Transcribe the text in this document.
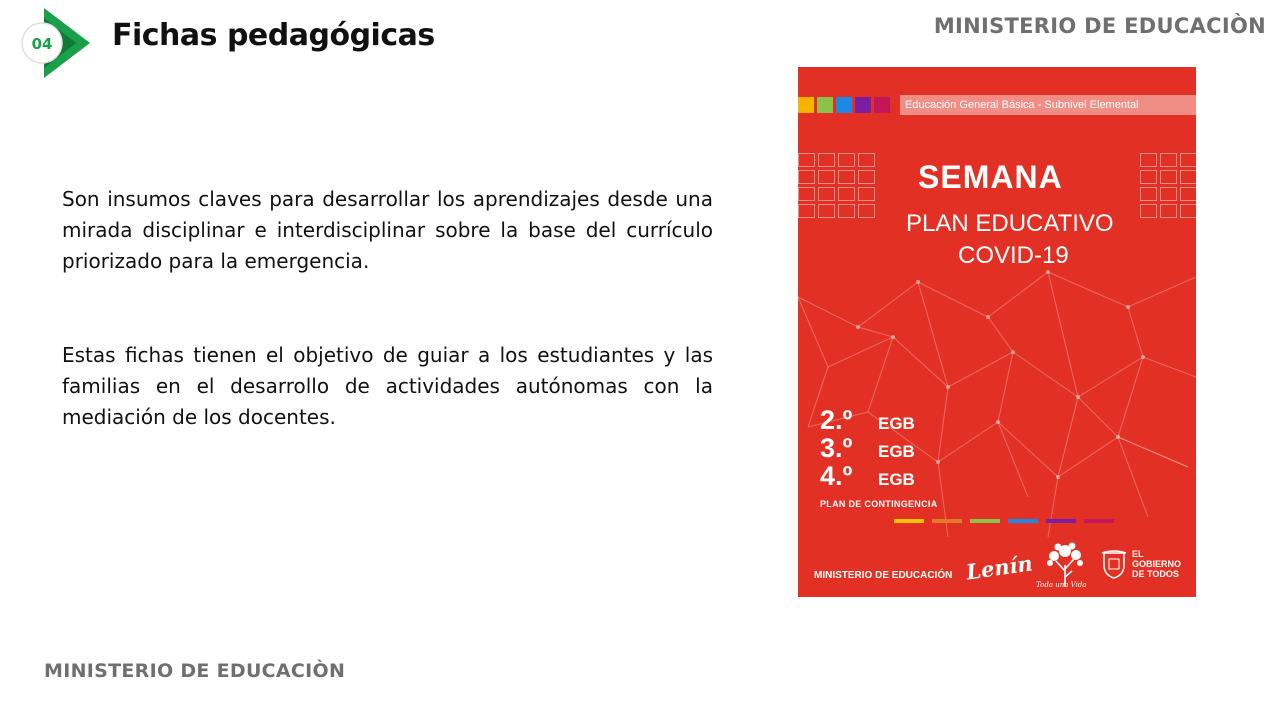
04 Fichas pedagógicas	MINISTERIO DE EDUCACIÒN

Son insumos claves para desarrollar los aprendizajes desde una mirada disciplinar e interdisciplinar sobre la base del currículo priorizado para la emergencia.

Estas fichas tienen el objetivo de guiar a los estudiantes y las familias en el desarrollo de actividades autónomas con la mediación de los docentes.

Educación General Básica - Subnivel Elemental
SEMANA
PLAN EDUCATIVO
COVID-19
2.º	EGB
3.º	EGB
4.º	EGB
PLAN DE CONTINGENCIA
MINISTERIO DE EDUCACIÓN Lenín
Toda una Vida
EL
GOBIERNO
DE TODOS
MINISTERIO DE EDUCACIÒN
